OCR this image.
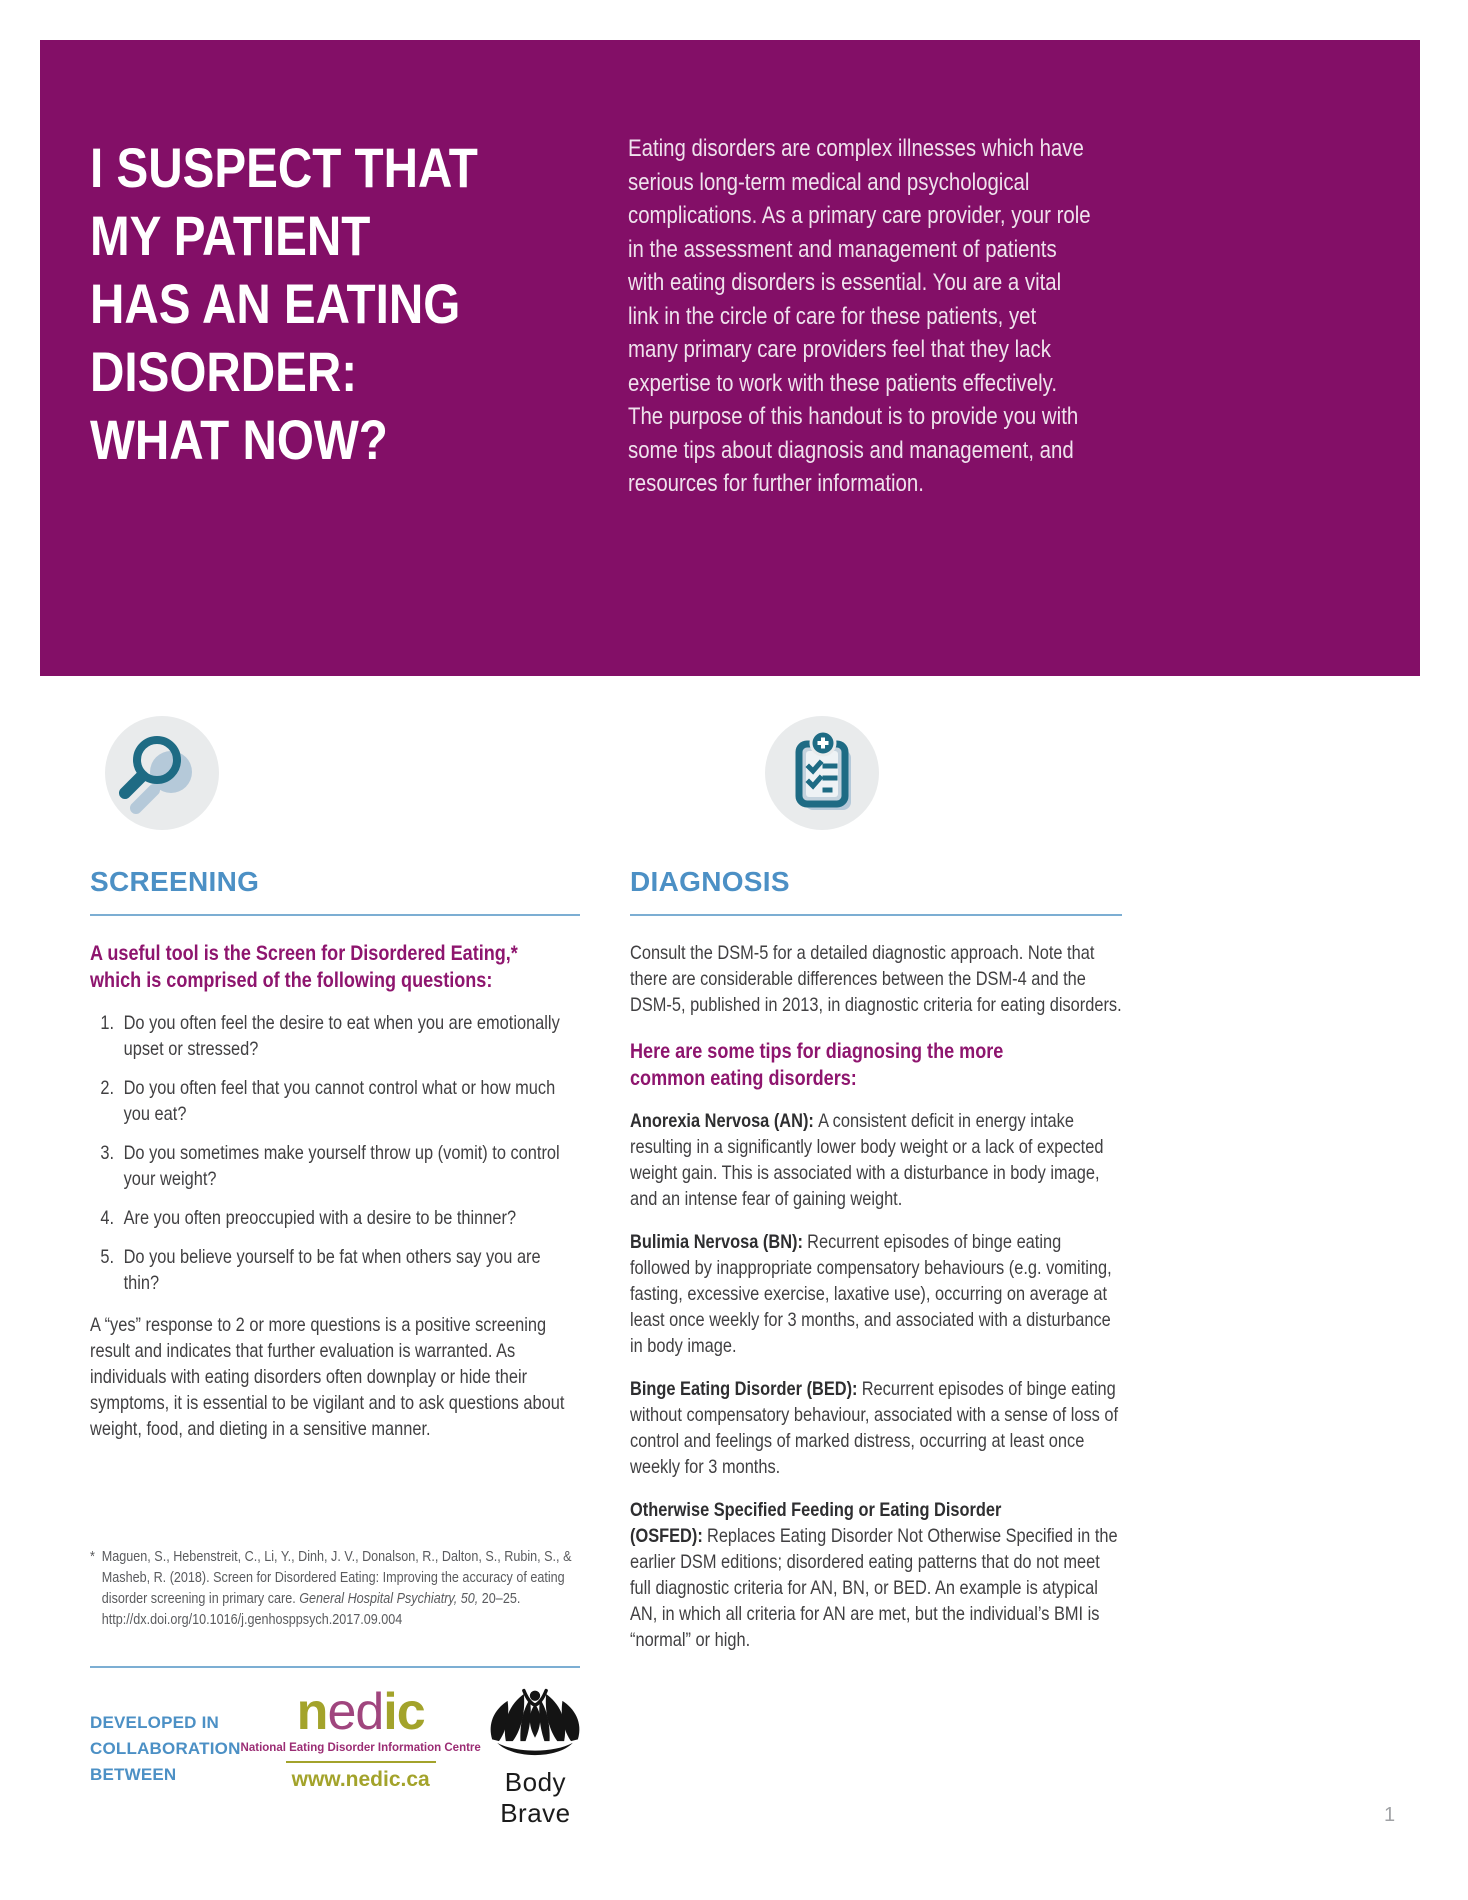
I SUSPECT THAT
MY PATIENT
HAS AN EATING
DISORDER:
WHAT NOW?

Eating disorders are complex illnesses which have serious long-term medical and psychological complications. As a primary care provider, your role in the assessment and management of patients with eating disorders is essential. You are a vital link in the circle of care for these patients, yet many primary care providers feel that they lack expertise to work with these patients effectively. The purpose of this handout is to provide you with some tips about diagnosis and management, and resources for further information.

SCREENING
A useful tool is the Screen for Disordered Eating,* which is comprised of the following questions:
1. Do you often feel the desire to eat when you are emotionally upset or stressed?
2. Do you often feel that you cannot control what or how much you eat?
3. Do you sometimes make yourself throw up (vomit) to control your weight?
4. Are you often preoccupied with a desire to be thinner?
5. Do you believe yourself to be fat when others say you are thin?

A “yes” response to 2 or more questions is a positive screening result and indicates that further evaluation is warranted. As individuals with eating disorders often downplay or hide their symptoms, it is essential to be vigilant and to ask questions about weight, food, and dieting in a sensitive manner.

* Maguen, S., Hebenstreit, C., Li, Y., Dinh, J. V., Donalson, R., Dalton, S., Rubin, S., & Masheb, R. (2018). Screen for Disordered Eating: Improving the accuracy of eating disorder screening in primary care. General Hospital Psychiatry, 50, 20–25. http://dx.doi.org/10.1016/j.genhosppsych.2017.09.004

DEVELOPED IN
COLLABORATION
BETWEEN
nedic
National Eating Disorder Information Centre
www.nedic.ca	Body Brave
DIAGNOSIS

Consult the DSM-5 for a detailed diagnostic approach. Note that there are considerable differences between the DSM-4 and the DSM-5, published in 2013, in diagnostic criteria for eating disorders.

Here are some tips for diagnosing the more common eating disorders:

Anorexia Nervosa (AN): A consistent deficit in energy intake resulting in a significantly lower body weight or a lack of expected weight gain. This is associated with a disturbance in body image, and an intense fear of gaining weight.

Bulimia Nervosa (BN): Recurrent episodes of binge eating followed by inappropriate compensatory behaviours (e.g. vomiting, fasting, excessive exercise, laxative use), occurring on average at least once weekly for 3 months, and associated with a disturbance in body image.

Binge Eating Disorder (BED): Recurrent episodes of binge eating without compensatory behaviour, associated with a sense of loss of control and feelings of marked distress, occurring at least once weekly for 3 months.

Otherwise Specified Feeding or Eating Disorder (OSFED): Replaces Eating Disorder Not Otherwise Specified in the earlier DSM editions; disordered eating patterns that do not meet full diagnostic criteria for AN, BN, or BED. An example is atypical AN, in which all criteria for AN are met, but the individual’s BMI is “normal” or high.

1
